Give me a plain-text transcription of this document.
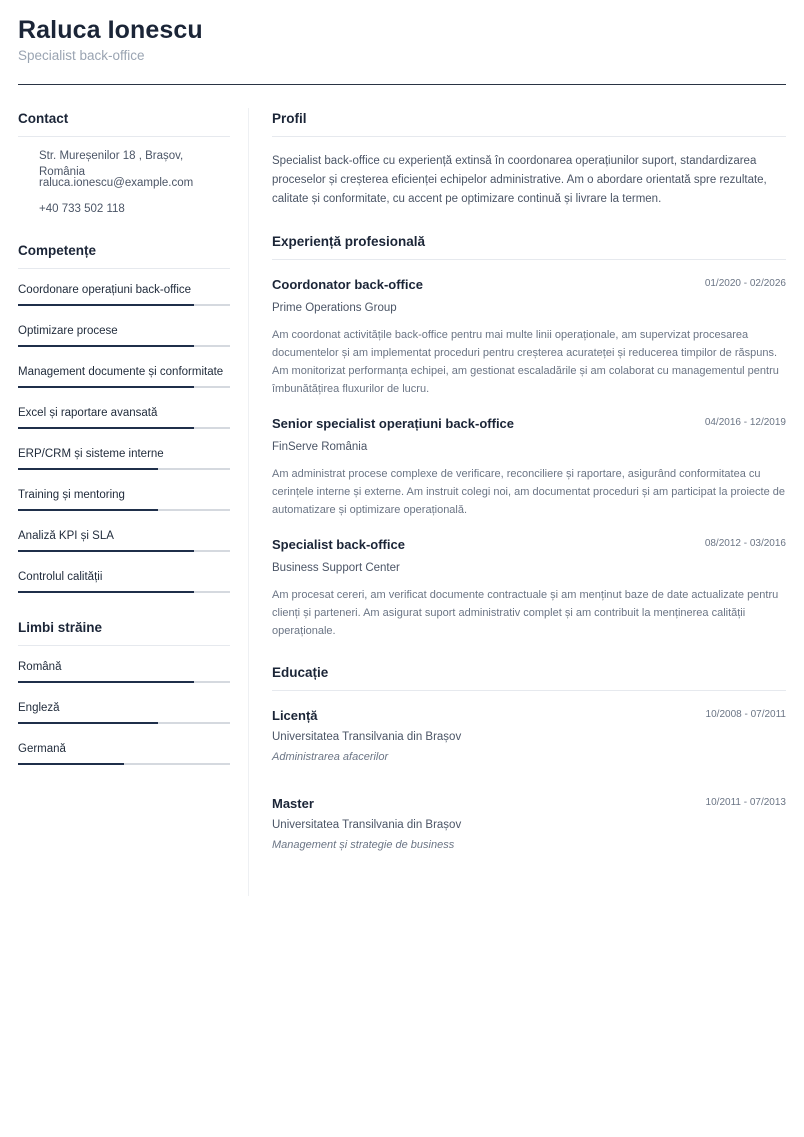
Raluca Ionescu
Specialist back-office
Contact
Str. Mureșenilor 18 , Brașov, România
raluca.ionescu@example.com
+40 733 502 118
Competențe
Coordonare operațiuni back-office
Optimizare procese
Management documente și conformitate
Excel și raportare avansată
ERP/CRM și sisteme interne
Training și mentoring
Analiză KPI și SLA
Controlul calității
Limbi străine
Română
Engleză
Germană
Profil

Specialist back-office cu experiență extinsă în coordonarea operațiunilor suport, standardizarea proceselor și creșterea eficienței echipelor administrative. Am o abordare orientată spre rezultate, calitate și conformitate, cu accent pe optimizare continuă și livrare la termen.

Experiență profesională
Coordonator back-office	01/2020 - 02/2026
Prime Operations Group
Am coordonat activitățile back-office pentru mai multe linii operaționale, am supervizat procesarea documentelor și am implementat proceduri pentru creșterea acurateței și reducerea timpilor de răspuns. Am monitorizat performanța echipei, am gestionat escaladările și am colaborat cu managementul pentru îmbunătățirea fluxurilor de lucru.
Senior specialist operațiuni back-office	04/2016 - 12/2019
FinServe România
Am administrat procese complexe de verificare, reconciliere și raportare, asigurând conformitatea cu cerințele interne și externe. Am instruit colegi noi, am documentat proceduri și am participat la proiecte de automatizare și optimizare operațională.
Specialist back-office	08/2012 - 03/2016
Business Support Center
Am procesat cereri, am verificat documente contractuale și am menținut baze de date actualizate pentru clienți și parteneri. Am asigurat suport administrativ complet și am contribuit la menținerea calității operaționale.
Educație
Licență	10/2008 - 07/2011
Universitatea Transilvania din Brașov
Administrarea afacerilor
Master	10/2011 - 07/2013
Universitatea Transilvania din Brașov
Management și strategie de business
